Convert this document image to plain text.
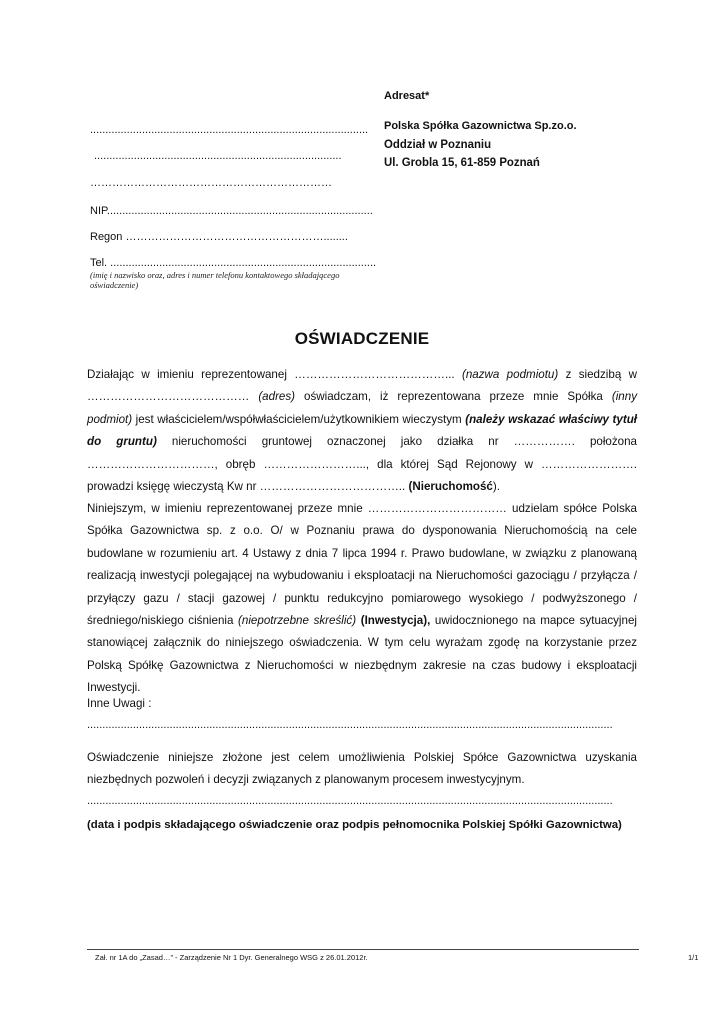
Adresat*
Polska Spółka Gazownictwa Sp.zo.o.
Oddział w Poznaniu
Ul. Grobla 15, 61-859 Poznań
...........................................................................................
.................................................................................
…………………………………………………………
NIP.......................................................................................
Regon ………………………………………………........
Tel. .......................................................................................
(imię i nazwisko oraz, adres i numer telefonu kontaktowego składającego oświadczenie)
OŚWIADCZENIE

Działając w imieniu reprezentowanej …………………………………... (nazwa podmiotu) z siedzibą w …………………………………… (adres) oświadczam, iż reprezentowana przeze mnie Spółka (inny podmiot) jest właścicielem/współwłaścicielem/użytkownikiem wieczystym (należy wskazać właściwy tytuł do gruntu) nieruchomości gruntowej oznaczonej jako działka nr ……………. położona ……………………………, obręb ……………………..., dla której Sąd Rejonowy w ……………………. prowadzi księgę wieczystą Kw nr ……………………………….. (Nieruchomość).

Niniejszym, w imieniu reprezentowanej przeze mnie ……………………………… udzielam spółce Polska Spółka Gazownictwa sp. z o.o. O/ w Poznaniu prawa do dysponowania Nieruchomością na cele budowlane w rozumieniu art. 4 Ustawy z dnia 7 lipca 1994 r. Prawo budowlane, w związku z planowaną realizacją inwestycji polegającej na wybudowaniu i eksploatacji na Nieruchomości gazociągu / przyłącza / przyłączy gazu / stacji gazowej / punktu redukcyjno pomiarowego wysokiego / podwyższonego / średniego/niskiego ciśnienia (niepotrzebne skreślić) (Inwestycja), uwidocznionego na mapce sytuacyjnej stanowiącej załącznik do niniejszego oświadczenia. W tym celu wyrażam zgodę na korzystanie przez Polską Spółkę Gazownictwa z Nieruchomości w niezbędnym zakresie na czas budowy i eksploatacji Inwestycji.

Inne Uwagi :
............................................................................................................................................................................

Oświadczenie niniejsze złożone jest celem umożliwienia Polskiej Spółce Gazownictwa uzyskania niezbędnych pozwoleń i decyzji związanych z planowanym procesem inwestycyjnym.

............................................................................................................................................................................
(data i podpis składającego oświadczenie oraz podpis pełnomocnika Polskiej Spółki Gazownictwa)
Zał. nr 1A do „Zasad…” - Zarządzenie Nr 1 Dyr. Generalnego WSG z 26.01.2012r.	1/1
